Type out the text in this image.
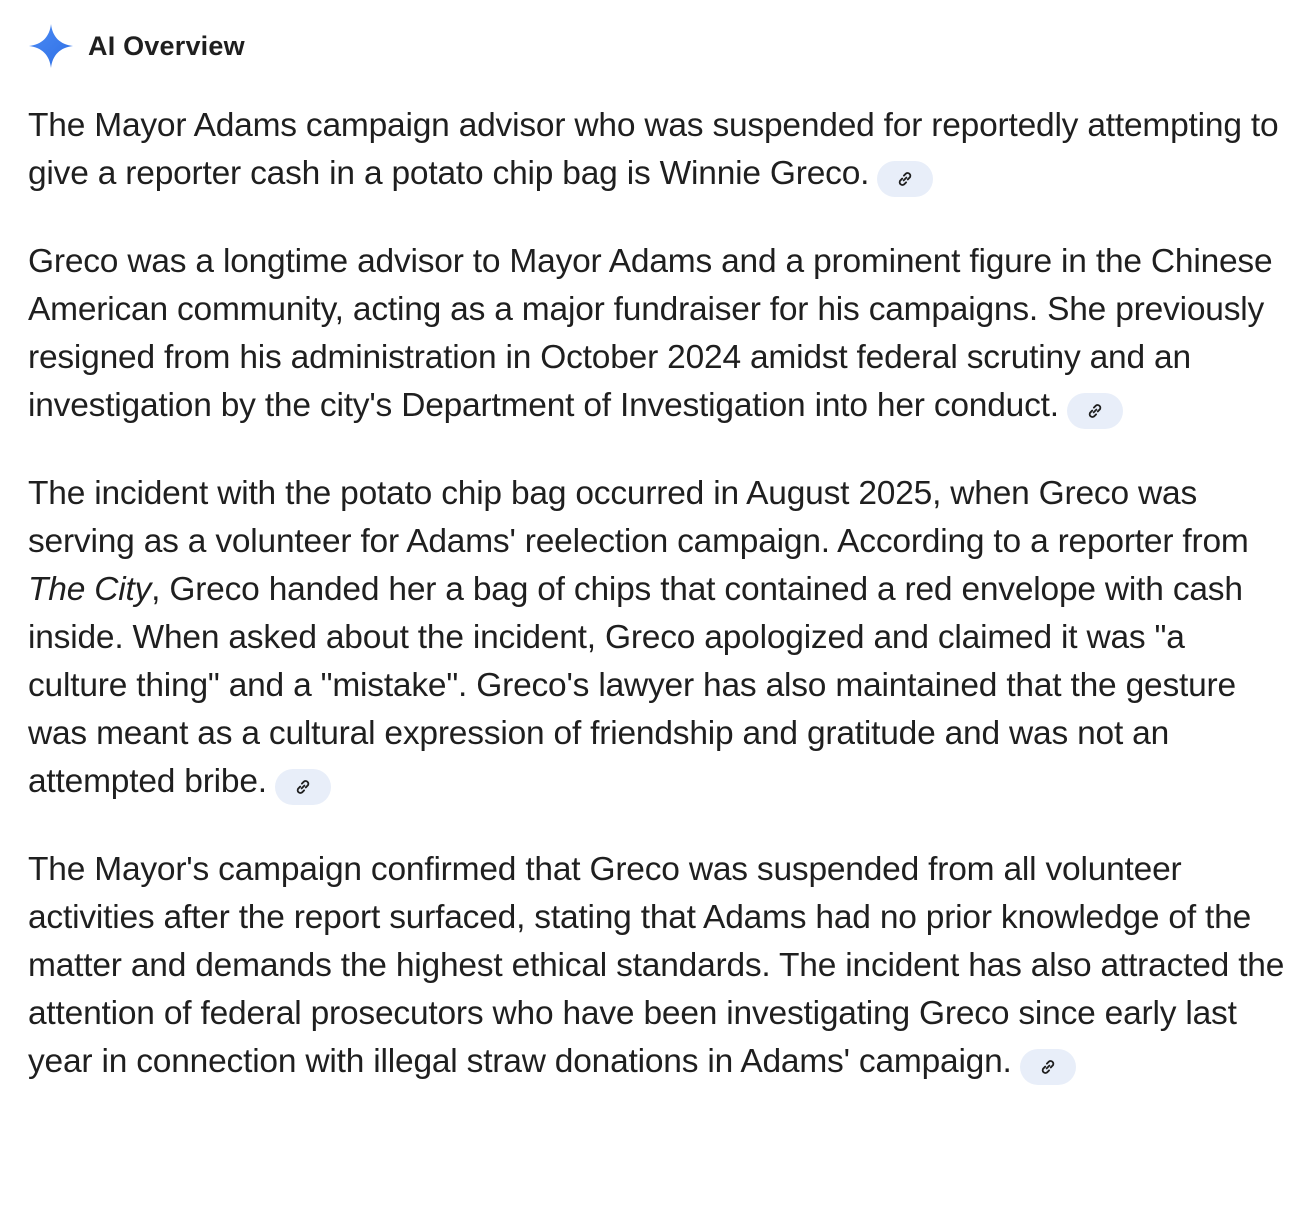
AI Overview

The Mayor Adams campaign advisor who was suspended for reportedly attempting to give a reporter cash in a potato chip bag is Winnie Greco.

Greco was a longtime advisor to Mayor Adams and a prominent figure in the Chinese American community, acting as a major fundraiser for his campaigns. She previously resigned from his administration in October 2024 amidst federal scrutiny and an investigation by the city's Department of Investigation into her conduct.

The incident with the potato chip bag occurred in August 2025, when Greco was serving as a volunteer for Adams' reelection campaign. According to a reporter from The City, Greco handed her a bag of chips that contained a red envelope with cash inside. When asked about the incident, Greco apologized and claimed it was "a culture thing" and a "mistake". Greco's lawyer has also maintained that the gesture was meant as a cultural expression of friendship and gratitude and was not an attempted bribe.

The Mayor's campaign confirmed that Greco was suspended from all volunteer activities after the report surfaced, stating that Adams had no prior knowledge of the matter and demands the highest ethical standards. The incident has also attracted the attention of federal prosecutors who have been investigating Greco since early last year in connection with illegal straw donations in Adams' campaign.
